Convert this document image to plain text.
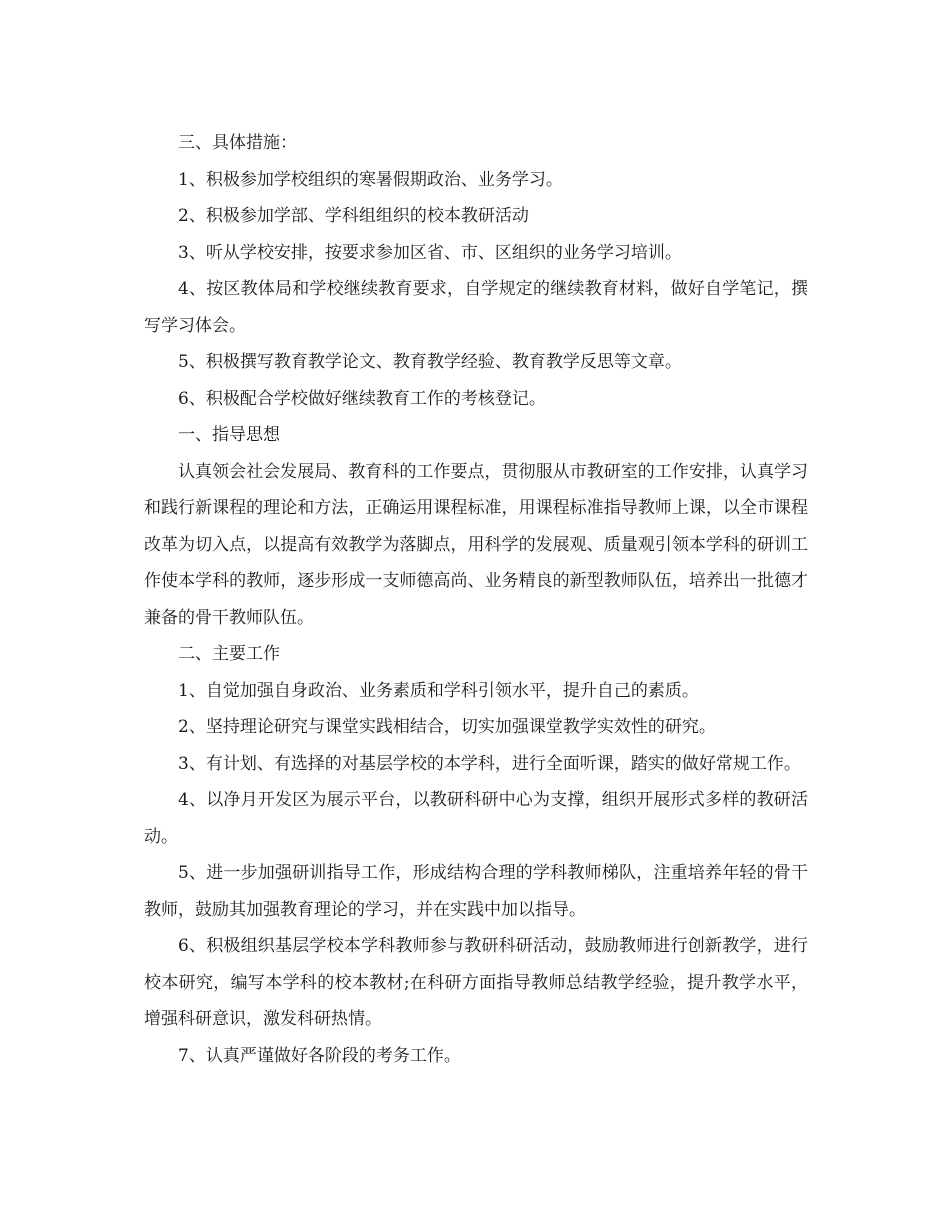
三、具体措施：

1、积极参加学校组织的寒暑假期政治、业务学习。

2、积极参加学部、学科组组织的校本教研活动

3、听从学校安排，按要求参加区省、市、区组织的业务学习培训。

4、按区教体局和学校继续教育要求，自学规定的继续教育材料，做好自学笔记，撰写学习体会。

5、积极撰写教育教学论文、教育教学经验、教育教学反思等文章。

6、积极配合学校做好继续教育工作的考核登记。

一、指导思想

认真领会社会发展局、教育科的工作要点，贯彻服从市教研室的工作安排，认真学习和践行新课程的理论和方法，正确运用课程标准，用课程标准指导教师上课，以全市课程改革为切入点，以提高有效教学为落脚点，用科学的发展观、质量观引领本学科的研训工作使本学科的教师，逐步形成一支师德高尚、业务精良的新型教师队伍，培养出一批德才兼备的骨干教师队伍。

二、主要工作

1、自觉加强自身政治、业务素质和学科引领水平，提升自己的素质。

2、坚持理论研究与课堂实践相结合，切实加强课堂教学实效性的研究。

3、有计划、有选择的对基层学校的本学科，进行全面听课，踏实的做好常规工作。

4、以净月开发区为展示平台，以教研科研中心为支撑，组织开展形式多样的教研活动。

5、进一步加强研训指导工作，形成结构合理的学科教师梯队，注重培养年轻的骨干教师，鼓励其加强教育理论的学习，并在实践中加以指导。

6、积极组织基层学校本学科教师参与教研科研活动，鼓励教师进行创新教学，进行校本研究，编写本学科的校本教材;在科研方面指导教师总结教学经验，提升教学水平，增强科研意识，激发科研热情。

7、认真严谨做好各阶段的考务工作。
